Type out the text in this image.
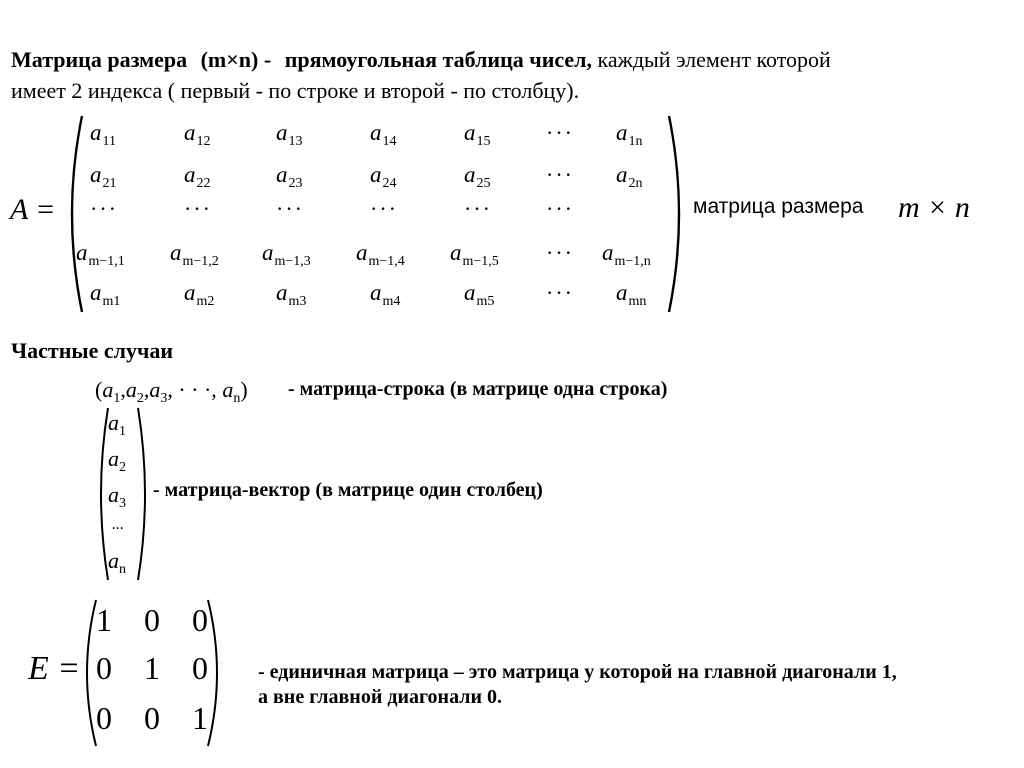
Матрица размера (m×n) - прямоугольная таблица чисел, каждый элемент которой
имеет 2 индекса ( первый - по строке и второй - по столбцу).
A =
$a_{11}$	$a_{12}$	$a_{13}$	$a_{14}$	$a_{15}$	··· $a_{1n}$
$a_{21}$	$a_{22}$	$a_{23}$	$a_{24}$	$a_{25}$	··· $a_{2n}$
···	···	···	···	··· ···
$a_{m-1,1}$ $a_{m-1,2}$ $a_{m-1,3}$ $a_{m-1,4}$ $a_{m-1,5}$ ··· $a_{m-1,n}$
$a_{m1}$	$a_{m2}$	$a_{m3}$	$a_{m4}$	$a_{m5}$ ··· $a_{mn}$
матрица размера m × n
Частные случаи
($a_1,a_2,a_3$, · · ·, $a_n$) - матрица-строка (в матрице одна строка)
$a_1$
$a_2$
$a_3$
...
$a_n$
- матрица-вектор (в матрице один столбец)
E =
1 0 0
0 1 0
0 0 1
- единичная матрица – это матрица у которой на главной диагонали 1,
а вне главной диагонали 0.
